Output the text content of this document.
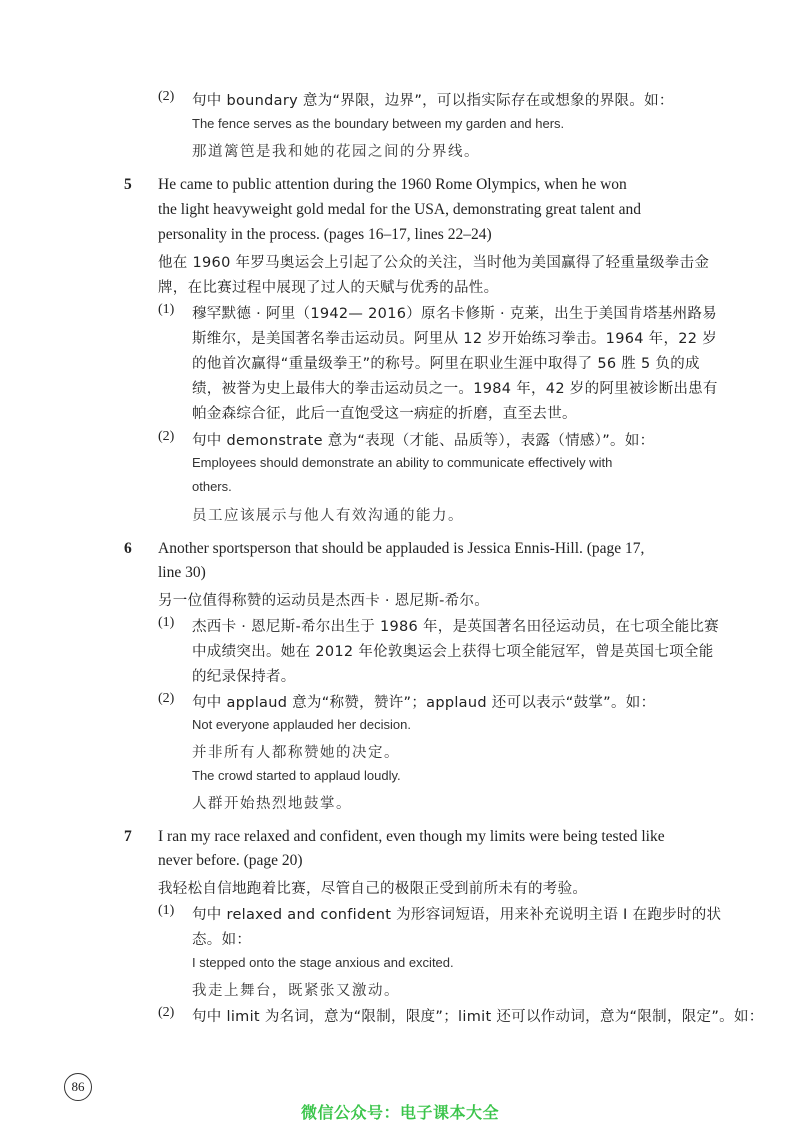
(2) 句中 boundary 意为“界限，边界”，可以指实际存在或想象的界限。如：
The fence serves as the boundary between my garden and hers.
那道篱笆是我和她的花园之间的分界线。
5 He came to public attention during the 1960 Rome Olympics, when he won
the light heavyweight gold medal for the USA, demonstrating great talent and
personality in the process. (pages 16–17, lines 22–24)
他在 1960 年罗马奥运会上引起了公众的关注，当时他为美国赢得了轻重量级拳击金
牌，在比赛过程中展现了过人的天赋与优秀的品性。
(1) 穆罕默德 · 阿里（1942— 2016）原名卡修斯 · 克莱，出生于美国肯塔基州路易
斯维尔，是美国著名拳击运动员。阿里从 12 岁开始练习拳击。1964 年，22 岁
的他首次赢得“重量级拳王”的称号。阿里在职业生涯中取得了 56 胜 5 负的成
绩，被誉为史上最伟大的拳击运动员之一。1984 年，42 岁的阿里被诊断出患有
帕金森综合征，此后一直饱受这一病症的折磨，直至去世。
(2) 句中 demonstrate 意为“表现（才能、品质等），表露（情感）”。如：
Employees should demonstrate an ability to communicate effectively with
others.
员工应该展示与他人有效沟通的能力。
6 Another sportsperson that should be applauded is Jessica Ennis-Hill. (page 17,
line 30)
另一位值得称赞的运动员是杰西卡 · 恩尼斯-希尔。
(1) 杰西卡 · 恩尼斯-希尔出生于 1986 年，是英国著名田径运动员，在七项全能比赛
中成绩突出。她在 2012 年伦敦奥运会上获得七项全能冠军，曾是英国七项全能
的纪录保持者。
(2) 句中 applaud 意为“称赞，赞许”；applaud 还可以表示“鼓掌”。如：
Not everyone applauded her decision.
并非所有人都称赞她的决定。
The crowd started to applaud loudly.
人群开始热烈地鼓掌。
7 I ran my race relaxed and confident, even though my limits were being tested like
never before. (page 20)
我轻松自信地跑着比赛，尽管自己的极限正受到前所未有的考验。
(1) 句中 relaxed and confident 为形容词短语，用来补充说明主语 I 在跑步时的状
态。如：
I stepped onto the stage anxious and excited.
我走上舞台，既紧张又激动。
(2) 句中 limit 为名词，意为“限制，限度”；limit 还可以作动词，意为“限制，限定”。如：
86
微信公众号：电子课本大全
